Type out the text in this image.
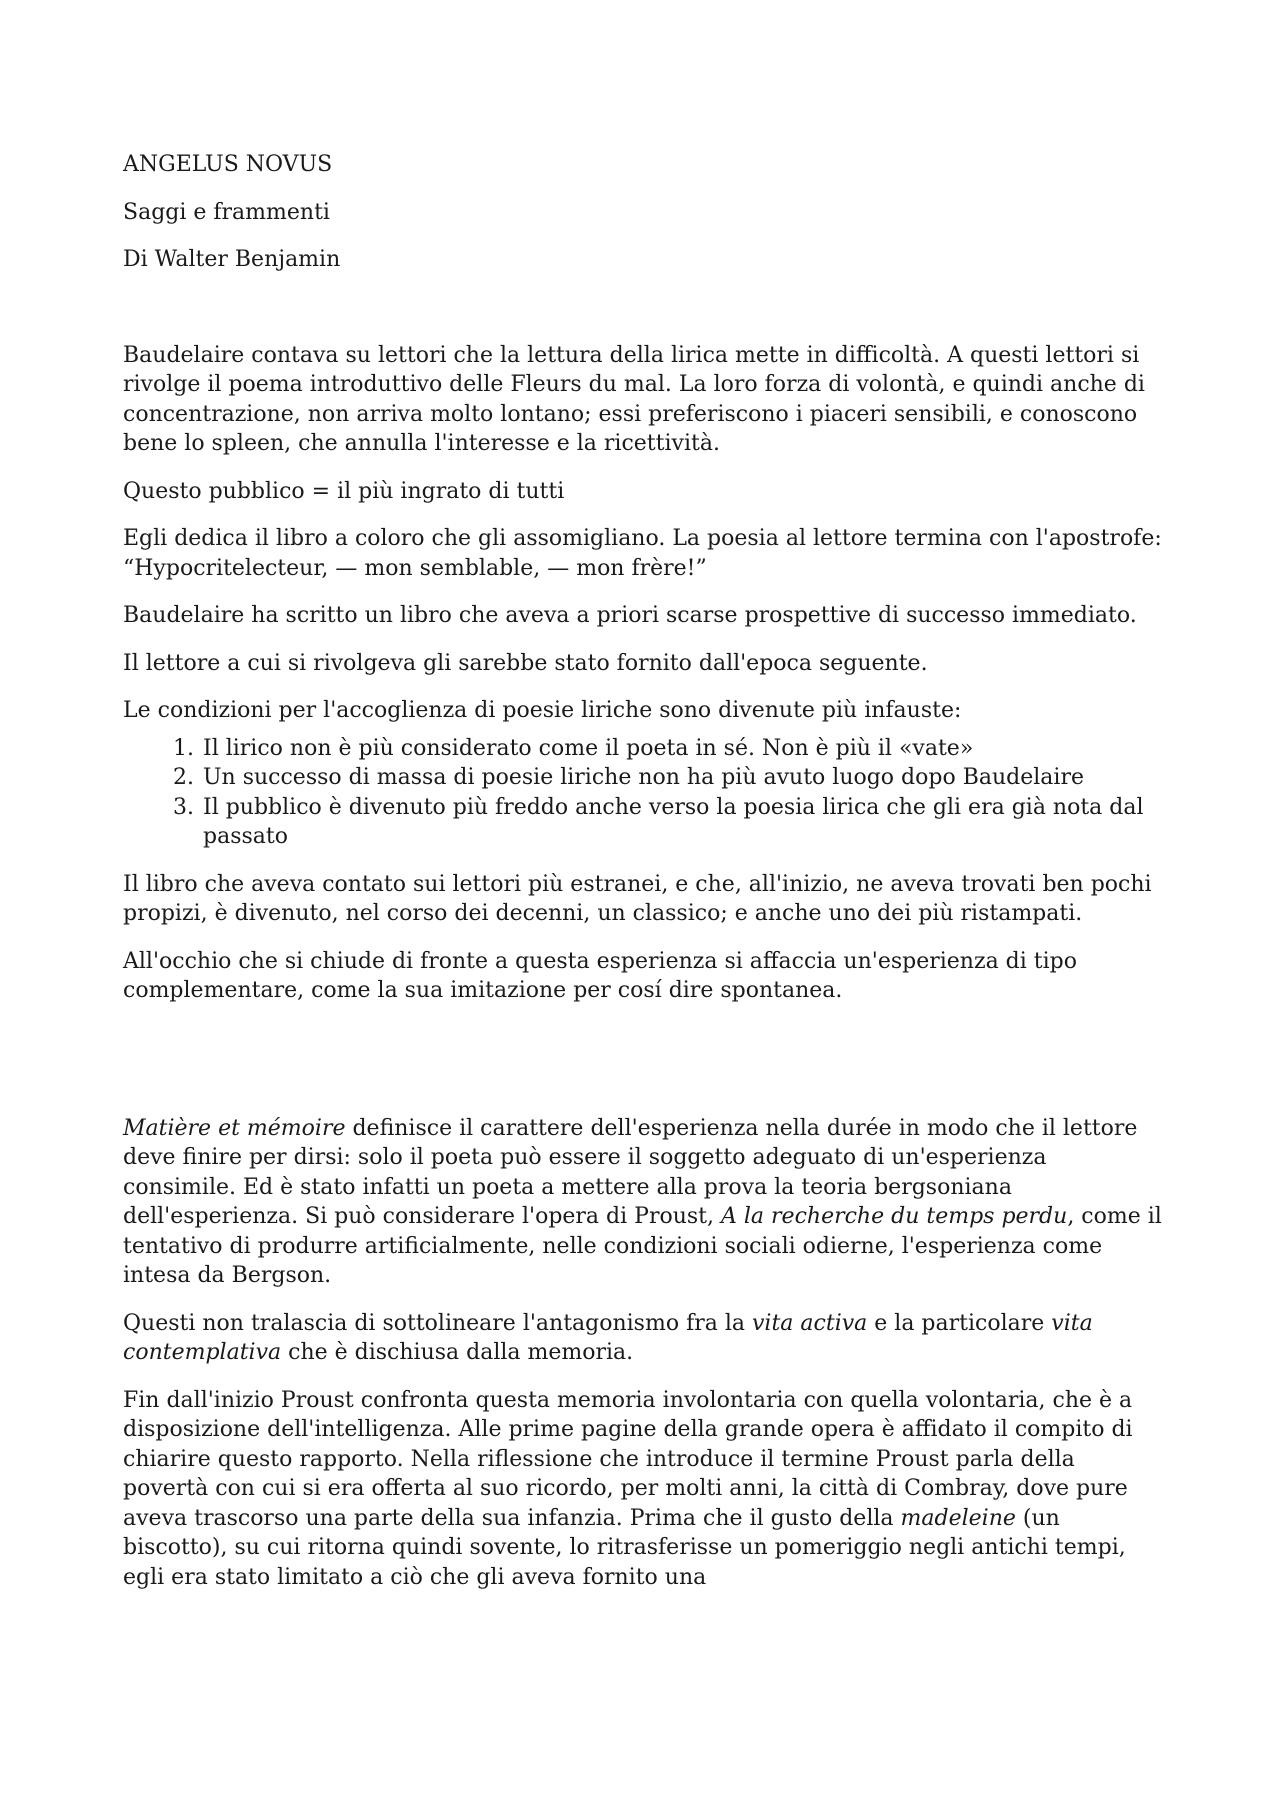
ANGELUS NOVUS

Saggi e frammenti

Di Walter Benjamin

Baudelaire contava su lettori che la lettura della lirica mette in difficoltà. A questi lettori si rivolge il poema introduttivo delle Fleurs du mal. La loro forza di volontà, e quindi anche di concentrazione, non arriva molto lontano; essi preferiscono i piaceri sensibili, e conoscono bene lo spleen, che annulla l'interesse e la ricettività.

Questo pubblico = il più ingrato di tutti

Egli dedica il libro a coloro che gli assomigliano. La poesia al lettore termina con l'apostrofe: “Hypocritelecteur, — mon semblable, — mon frère!”

Baudelaire ha scritto un libro che aveva a priori scarse prospettive di successo immediato.

Il lettore a cui si rivolgeva gli sarebbe stato fornito dall'epoca seguente.

Le condizioni per l'accoglienza di poesie liriche sono divenute più infauste:

1. Il lirico non è più considerato come il poeta in sé. Non è più il «vate»
2. Un successo di massa di poesie liriche non ha più avuto luogo dopo Baudelaire
3. Il pubblico è divenuto più freddo anche verso la poesia lirica che gli era già nota dal passato

Il libro che aveva contato sui lettori più estranei, e che, all'inizio, ne aveva trovati ben pochi propizi, è divenuto, nel corso dei decenni, un classico; e anche uno dei più ristampati.

All'occhio che si chiude di fronte a questa esperienza si affaccia un'esperienza di tipo complementare, come la sua imitazione per cosí dire spontanea.

Matière et mémoire definisce il carattere dell'esperienza nella durée in modo che il lettore deve finire per dirsi: solo il poeta può essere il soggetto adeguato di un'esperienza consimile. Ed è stato infatti un poeta a mettere alla prova la teoria bergsoniana dell'esperienza. Si può considerare l'opera di Proust, A la recherche du temps perdu, come il tentativo di produrre artificialmente, nelle condizioni sociali odierne, l'esperienza come intesa da Bergson.

Questi non tralascia di sottolineare l'antagonismo fra la vita activa e la particolare vita contemplativa che è dischiusa dalla memoria.

Fin dall'inizio Proust confronta questa memoria involontaria con quella volontaria, che è a disposizione dell'intelligenza. Alle prime pagine della grande opera è affidato il compito di chiarire questo rapporto. Nella riflessione che introduce il termine Proust parla della povertà con cui si era offerta al suo ricordo, per molti anni, la città di Combray, dove pure aveva trascorso una parte della sua infanzia. Prima che il gusto della madeleine (un biscotto), su cui ritorna quindi sovente, lo ritrasferisse un pomeriggio negli antichi tempi, egli era stato limitato a ciò che gli aveva fornito una
